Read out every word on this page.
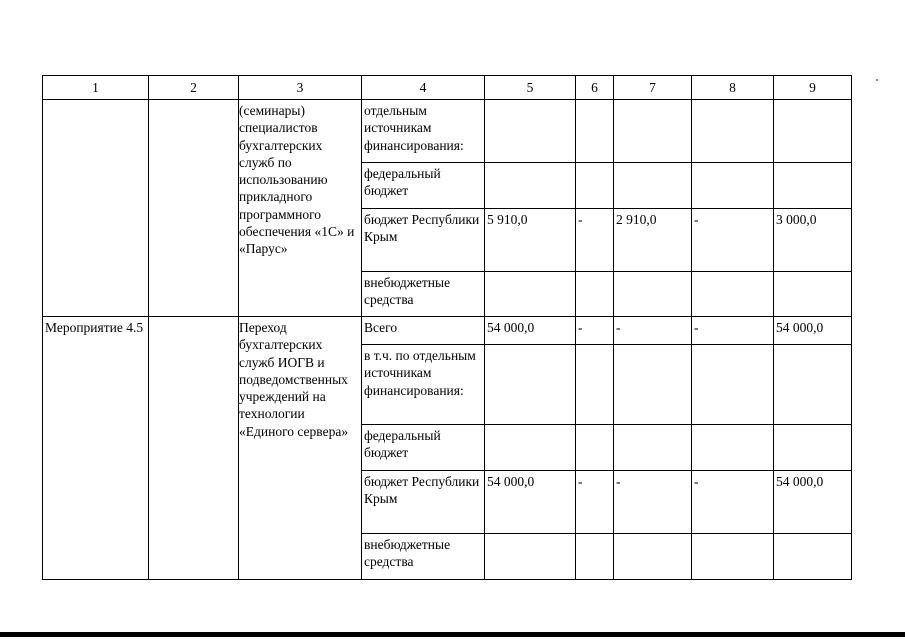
1	2	3	4	5	6	7	8	9
		(семинары) специалистов бухгалтерских служб по использованию прикладного программного обеспечения «1С» и «Парус»	отдельным источникам финансирования:					
			федеральный бюджет					
			бюджет Республики Крым	5 910,0	-	2 910,0	-	3 000,0
			внебюджетные средства					
Мероприятие 4.5		Переход бухгалтерских служб ИОГВ и подведомственных учреждений на технологии «Единого сервера»	Всего	54 000,0	-	-	-	54 000,0
			в т.ч. по отдельным источникам финансирования:					
			федеральный бюджет					
			бюджет Республики Крым	54 000,0	-	-	-	54 000,0
			внебюджетные средства					
